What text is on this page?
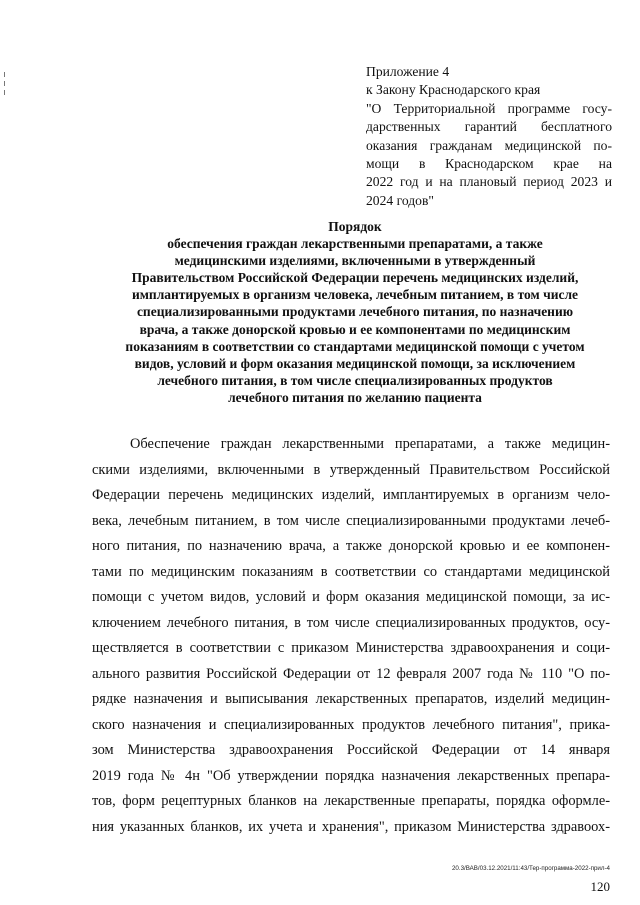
Приложение 4
к Закону Краснодарского края
"О Территориальной программе госу-
дарственных гарантий бесплатного
оказания гражданам медицинской по-
мощи в Краснодарском крае на
2022 год и на плановый период 2023 и
2024 годов"
Порядок
обеспечения граждан лекарственными препаратами, а также
медицинскими изделиями, включенными в утвержденный
Правительством Российской Федерации перечень медицинских изделий,
имплантируемых в организм человека, лечебным питанием, в том числе
специализированными продуктами лечебного питания, по назначению
врача, а также донорской кровью и ее компонентами по медицинским
показаниям в соответствии со стандартами медицинской помощи с учетом
видов, условий и форм оказания медицинской помощи, за исключением
лечебного питания, в том числе специализированных продуктов
лечебного питания по желанию пациента
Обеспечение граждан лекарственными препаратами, а также медицин-
скими изделиями, включенными в утвержденный Правительством Российской
Федерации перечень медицинских изделий, имплантируемых в организм чело-
века, лечебным питанием, в том числе специализированными продуктами лечеб-
ного питания, по назначению врача, а также донорской кровью и ее компонен-
тами по медицинским показаниям в соответствии со стандартами медицинской
помощи с учетом видов, условий и форм оказания медицинской помощи, за ис-
ключением лечебного питания, в том числе специализированных продуктов, осу-
ществляется в соответствии с приказом Министерства здравоохранения и соци-
ального развития Российской Федерации от 12 февраля 2007 года № 110 "О по-
рядке назначения и выписывания лекарственных препаратов, изделий медицин-
ского назначения и специализированных продуктов лечебного питания", прика-
зом Министерства здравоохранения Российской Федерации от 14 января
2019 года № 4н "Об утверждении порядка назначения лекарственных препара-
тов, форм рецептурных бланков на лекарственные препараты, порядка оформле-
ния указанных бланков, их учета и хранения", приказом Министерства здравоох-
20.3/ВАВ/03.12.2021/11:43/Тер-программа-2022-прил-4
120
